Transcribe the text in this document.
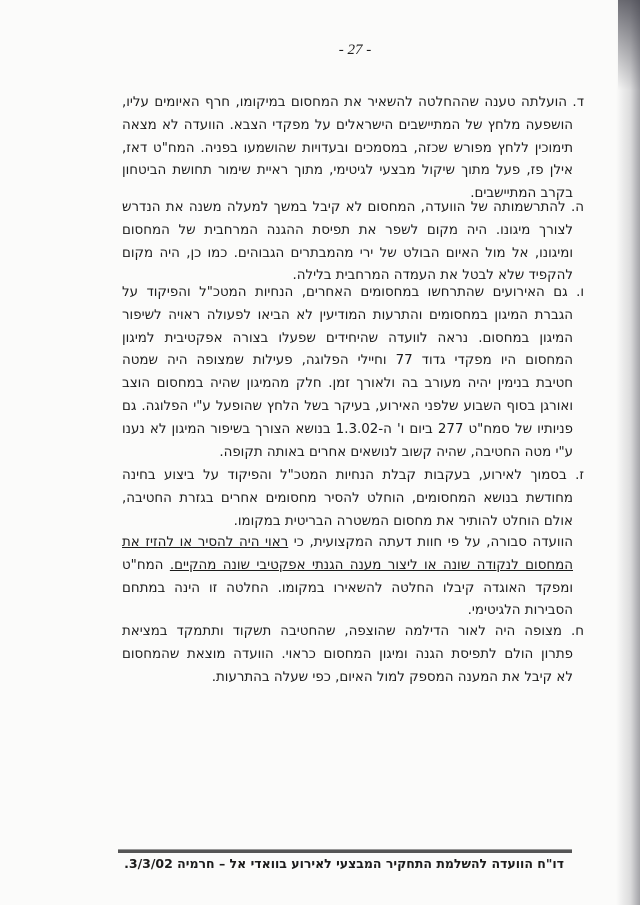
- 27 -
ד. הועלתה טענה שההחלטה להשאיר את המחסום במיקומו, חרף האיומים עליו,
הושפעה מלחץ של המתיישבים הישראלים על מפקדי הצבא. הוועדה לא מצאה
תימוכין ללחץ מפורש שכזה, במסמכים ובעדויות שהושמעו בפניה. המח"ט דאז,
אילן פז, פעל מתוך שיקול מבצעי לגיטימי, מתוך ראיית שימור תחושת הביטחון
בקרב המתיישבים.
ה. להתרשמותה של הוועדה, המחסום לא קיבל במשך למעלה משנה את הנדרש
לצורך מיגונו. היה מקום לשפר את תפיסת ההגנה המרחבית של המחסום
ומיגונו, אל מול האיום הבולט של ירי מהמבתרים הגבוהים. כמו כן, היה מקום
להקפיד שלא לבטל את העמדה המרחבית בלילה.
ו. גם האירועים שהתרחשו במחסומים האחרים, הנחיות המטכ"ל והפיקוד על
הגברת המיגון במחסומים והתרעות המודיעין לא הביאו לפעולה ראויה לשיפור
המיגון במחסום. נראה לוועדה שהיחידים שפעלו בצורה אפקטיבית למיגון
המחסום היו מפקדי גדוד 77 וחיילי הפלוגה, פעילות שמצופה היה שמטה
חטיבת בנימין יהיה מעורב בה ולאורך זמן. חלק מהמיגון שהיה במחסום הוצב
ואורגן בסוף השבוע שלפני האירוע, בעיקר בשל הלחץ שהופעל ע"י הפלוגה. גם
פניותיו של סמח"ט 277 ביום ו' ה-1.3.02 בנושא הצורך בשיפור המיגון לא נענו
ע"י מטה החטיבה, שהיה קשוב לנושאים אחרים באותה תקופה.
ז. בסמוך לאירוע, בעקבות קבלת הנחיות המטכ"ל והפיקוד על ביצוע בחינה
מחודשת בנושא המחסומים, הוחלט להסיר מחסומים אחרים בגזרת החטיבה,
אולם הוחלט להותיר את מחסום המשטרה הבריטית במקומו.
הוועדה סבורה, על פי חוות דעתה המקצועית, כי ראוי היה להסיר או להזיז את
המחסום לנקודה שונה או ליצור מענה הגנתי אפקטיבי שונה מהקיים. המח"ט
ומפקד האוגדה קיבלו החלטה להשאירו במקומו. החלטה זו הינה במתחם
הסבירות הלגיטימי.
ח. מצופה היה לאור הדילמה שהוצפה, שהחטיבה תשקוד ותתמקד במציאת
פתרון הולם לתפיסת הגנה ומיגון המחסום כראוי. הוועדה מוצאת שהמחסום
לא קיבל את המענה המספק למול האיום, כפי שעלה בהתרעות.
דו"ח הוועדה להשלמת התחקיר המבצעי לאירוע בוואדי אל – חרמיה 3/3/02.
